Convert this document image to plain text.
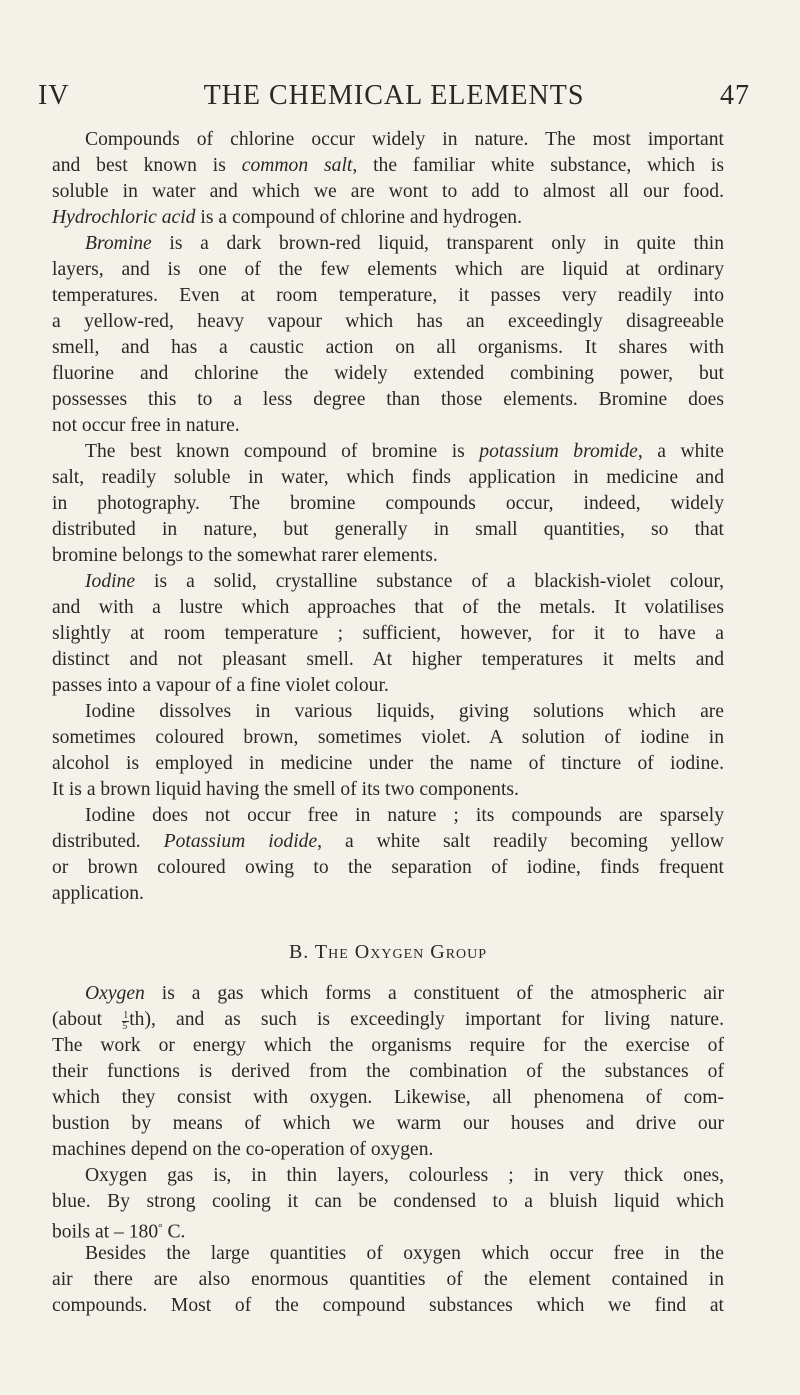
IV	THE CHEMICAL ELEMENTS	47
Compounds of chlorine occur widely in nature. The most important
and best known is common salt, the familiar white substance, which is
soluble in water and which we are wont to add to almost all our food.
Hydrochloric acid is a compound of chlorine and hydrogen.
Bromine is a dark brown-red liquid, transparent only in quite thin
layers, and is one of the few elements which are liquid at ordinary
temperatures. Even at room temperature, it passes very readily into
a yellow-red, heavy vapour which has an exceedingly disagreeable
smell, and has a caustic action on all organisms. It shares with
fluorine and chlorine the widely extended combining power, but
possesses this to a less degree than those elements. Bromine does
not occur free in nature.
The best known compound of bromine is potassium bromide, a white
salt, readily soluble in water, which finds application in medicine and
in photography. The bromine compounds occur, indeed, widely
distributed in nature, but generally in small quantities, so that
bromine belongs to the somewhat rarer elements.
Iodine is a solid, crystalline substance of a blackish-violet colour,
and with a lustre which approaches that of the metals. It volatilises
slightly at room temperature ; sufficient, however, for it to have a
distinct and not pleasant smell. At higher temperatures it melts and
passes into a vapour of a fine violet colour.
Iodine dissolves in various liquids, giving solutions which are
sometimes coloured brown, sometimes violet. A solution of iodine in
alcohol is employed in medicine under the name of tincture of iodine.
It is a brown liquid having the smell of its two components.
Iodine does not occur free in nature ; its compounds are sparsely
distributed. Potassium iodide, a white salt readily becoming yellow
or brown coloured owing to the separation of iodine, finds frequent
application.
B. The Oxygen Group
Oxygen is a gas which forms a constituent of the atmospheric air
(about $\frac{1}{5} th$), and as such is exceedingly important for living nature.
The work or energy which the organisms require for the exercise of
their functions is derived from the combination of the substances of
which they consist with oxygen. Likewise, all phenomena of com-
bustion by means of which we warm our houses and drive our
machines depend on the co-operation of oxygen.
Oxygen gas is, in thin layers, colourless ; in very thick ones,
blue. By strong cooling it can be condensed to a bluish liquid which
boils at – 180° C.
Besides the large quantities of oxygen which occur free in the
air there are also enormous quantities of the element contained in
compounds. Most of the compound substances which we find at
